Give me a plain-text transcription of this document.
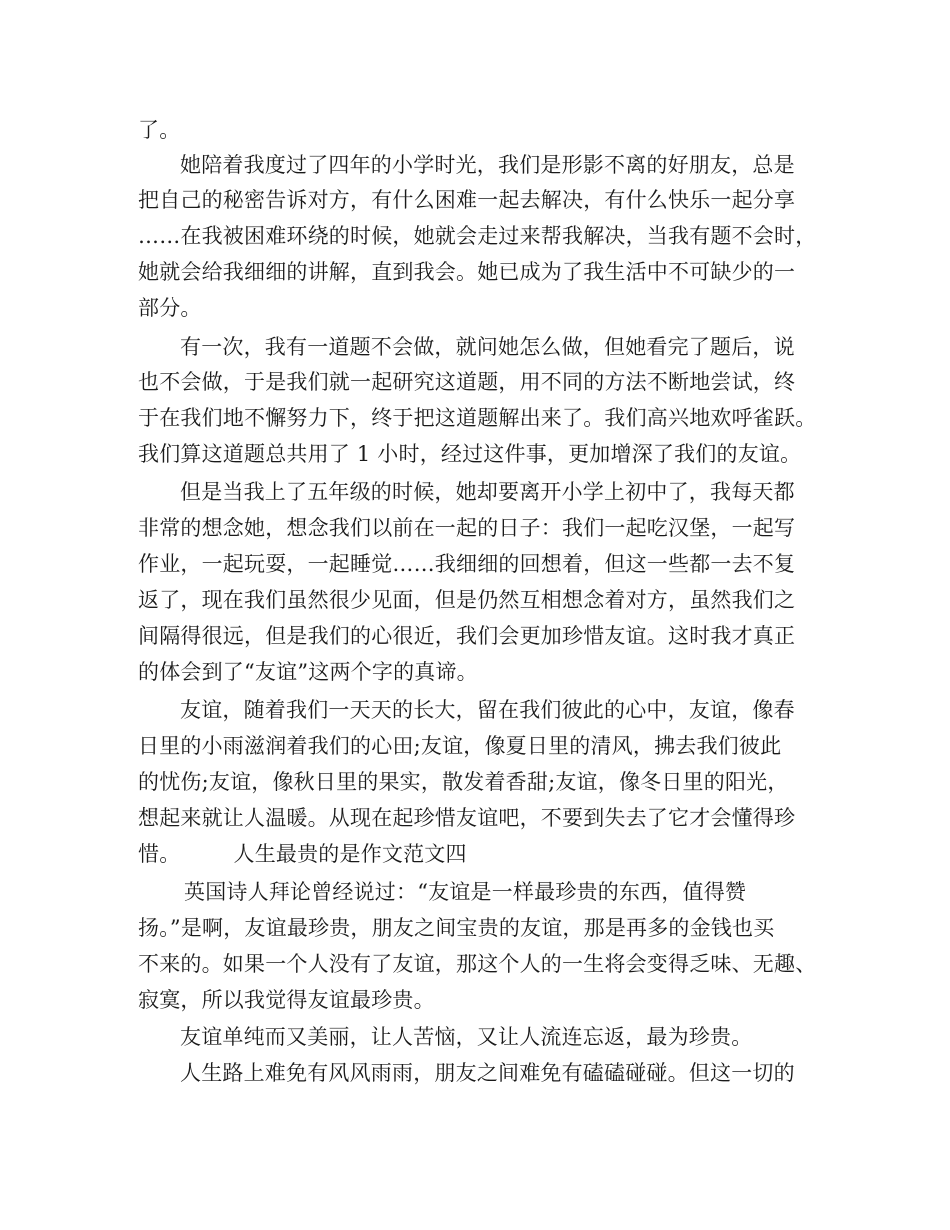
了。
她陪着我度过了四年的小学时光，我们是形影不离的好朋友，总是
把自己的秘密告诉对方，有什么困难一起去解决，有什么快乐一起分享
……在我被困难环绕的时候，她就会走过来帮我解决，当我有题不会时，
她就会给我细细的讲解，直到我会。她已成为了我生活中不可缺少的一
部分。
有一次，我有一道题不会做，就问她怎么做，但她看完了题后，说
也不会做，于是我们就一起研究这道题，用不同的方法不断地尝试，终
于在我们地不懈努力下，终于把这道题解出来了。我们高兴地欢呼雀跃。
我们算这道题总共用了 1 小时，经过这件事，更加增深了我们的友谊。
但是当我上了五年级的时候，她却要离开小学上初中了，我每天都
非常的想念她，想念我们以前在一起的日子：我们一起吃汉堡，一起写
作业，一起玩耍，一起睡觉……我细细的回想着，但这一些都一去不复
返了，现在我们虽然很少见面，但是仍然互相想念着对方，虽然我们之
间隔得很远，但是我们的心很近，我们会更加珍惜友谊。这时我才真正
的体会到了“友谊”这两个字的真谛。
友谊，随着我们一天天的长大，留在我们彼此的心中，友谊，像春
日里的小雨滋润着我们的心田;友谊，像夏日里的清风，拂去我们彼此
的忧伤;友谊，像秋日里的果实，散发着香甜;友谊，像冬日里的阳光，
想起来就让人温暖。从现在起珍惜友谊吧，不要到失去了它才会懂得珍
惜。　　　人生最贵的是作文范文四
英国诗人拜论曾经说过：“友谊是一样最珍贵的东西，值得赞
扬。”是啊，友谊最珍贵，朋友之间宝贵的友谊，那是再多的金钱也买
不来的。如果一个人没有了友谊，那这个人的一生将会变得乏味、无趣、
寂寞，所以我觉得友谊最珍贵。
友谊单纯而又美丽，让人苦恼，又让人流连忘返，最为珍贵。
人生路上难免有风风雨雨，朋友之间难免有磕磕碰碰。但这一切的
